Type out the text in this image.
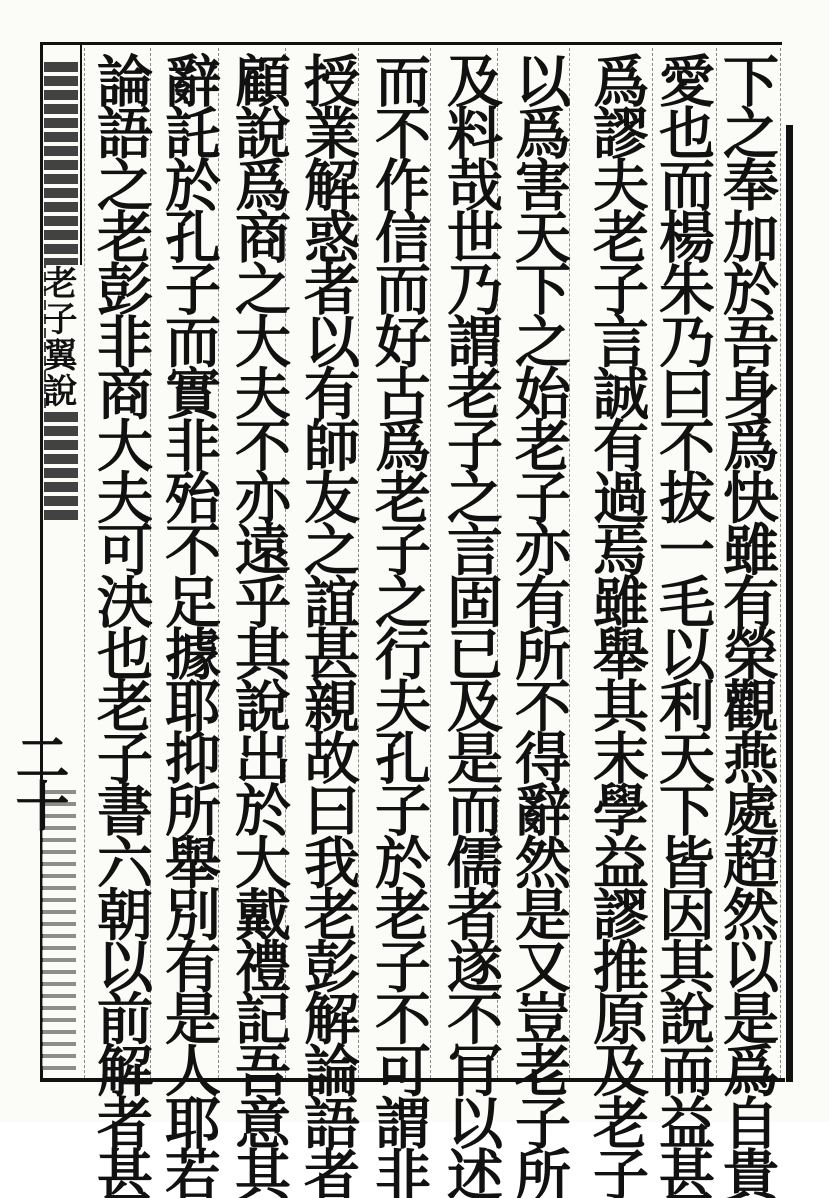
下之奉加於吾身爲快雖有榮觀燕處超然以是爲自貴
愛也而楊朱乃曰不拔一毛以利天下皆因其說而益甚
爲謬夫老子言誠有過焉雖舉其末學益謬推原及老子
以爲害天下之始老子亦有所不得辭然是又豈老子所
及料哉世乃謂老子之言固已及是而儒者遂不肎以述
而不作信而好古爲老子之行夫孔子於老子不可謂非
授業解惑者以有師友之誼甚親故曰我老彭解論語者
顧說爲商之大夫不亦遠乎其說出於大戴禮記吾意其
辭託於孔子而實非殆不足據耶抑所舉別有是人耶若
論語之老彭非商大夫可決也老子書六朝以前解者甚
老子翼說
二十
